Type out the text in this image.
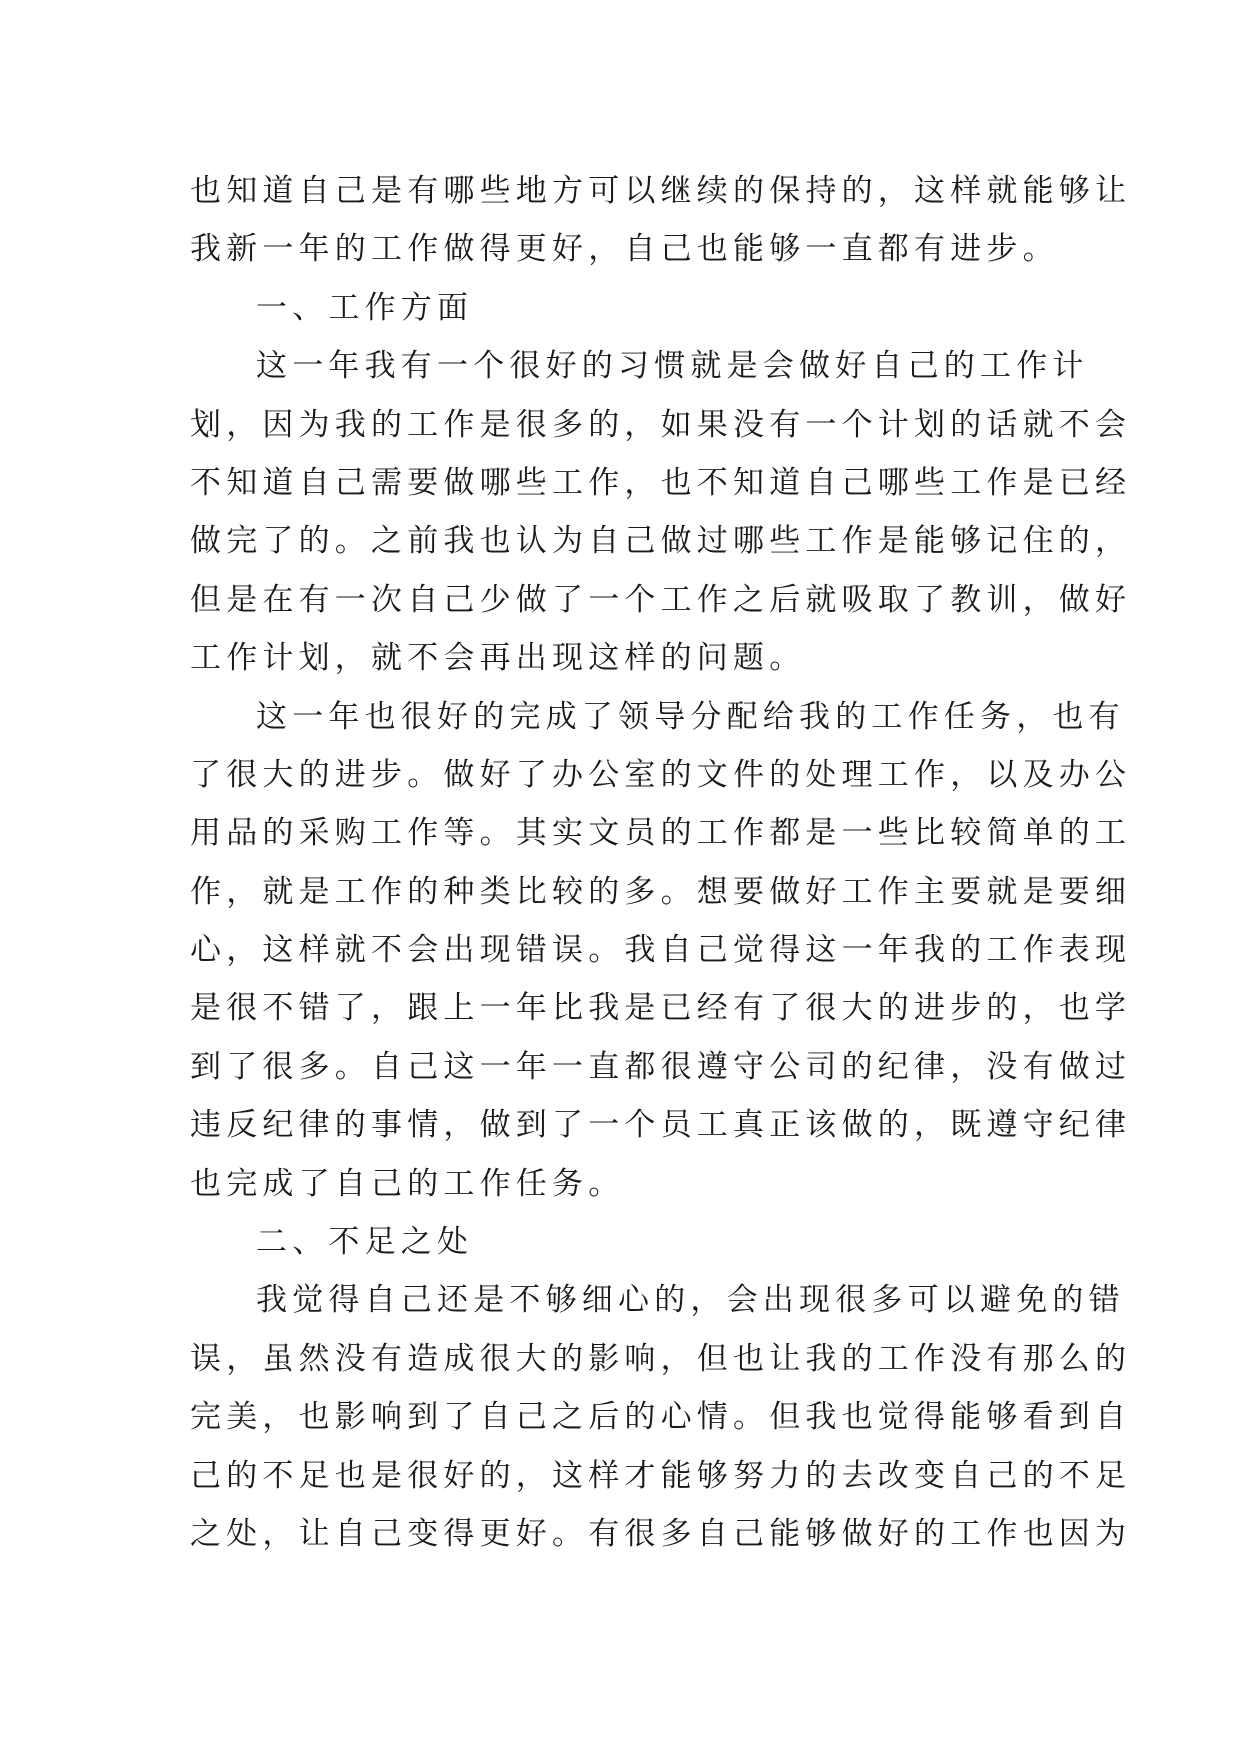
也知道自己是有哪些地方可以继续的保持的，这样就能够让
我新一年的工作做得更好，自己也能够一直都有进步。
一、工作方面
这一年我有一个很好的习惯就是会做好自己的工作计
划，因为我的工作是很多的，如果没有一个计划的话就不会
不知道自己需要做哪些工作，也不知道自己哪些工作是已经
做完了的。之前我也认为自己做过哪些工作是能够记住的，
但是在有一次自己少做了一个工作之后就吸取了教训，做好
工作计划，就不会再出现这样的问题。
这一年也很好的完成了领导分配给我的工作任务，也有
了很大的进步。做好了办公室的文件的处理工作，以及办公
用品的采购工作等。其实文员的工作都是一些比较简单的工
作，就是工作的种类比较的多。想要做好工作主要就是要细
心，这样就不会出现错误。我自己觉得这一年我的工作表现
是很不错了，跟上一年比我是已经有了很大的进步的，也学
到了很多。自己这一年一直都很遵守公司的纪律，没有做过
违反纪律的事情，做到了一个员工真正该做的，既遵守纪律
也完成了自己的工作任务。
二、不足之处
我觉得自己还是不够细心的，会出现很多可以避免的错
误，虽然没有造成很大的影响，但也让我的工作没有那么的
完美，也影响到了自己之后的心情。但我也觉得能够看到自
己的不足也是很好的，这样才能够努力的去改变自己的不足
之处，让自己变得更好。有很多自己能够做好的工作也因为
